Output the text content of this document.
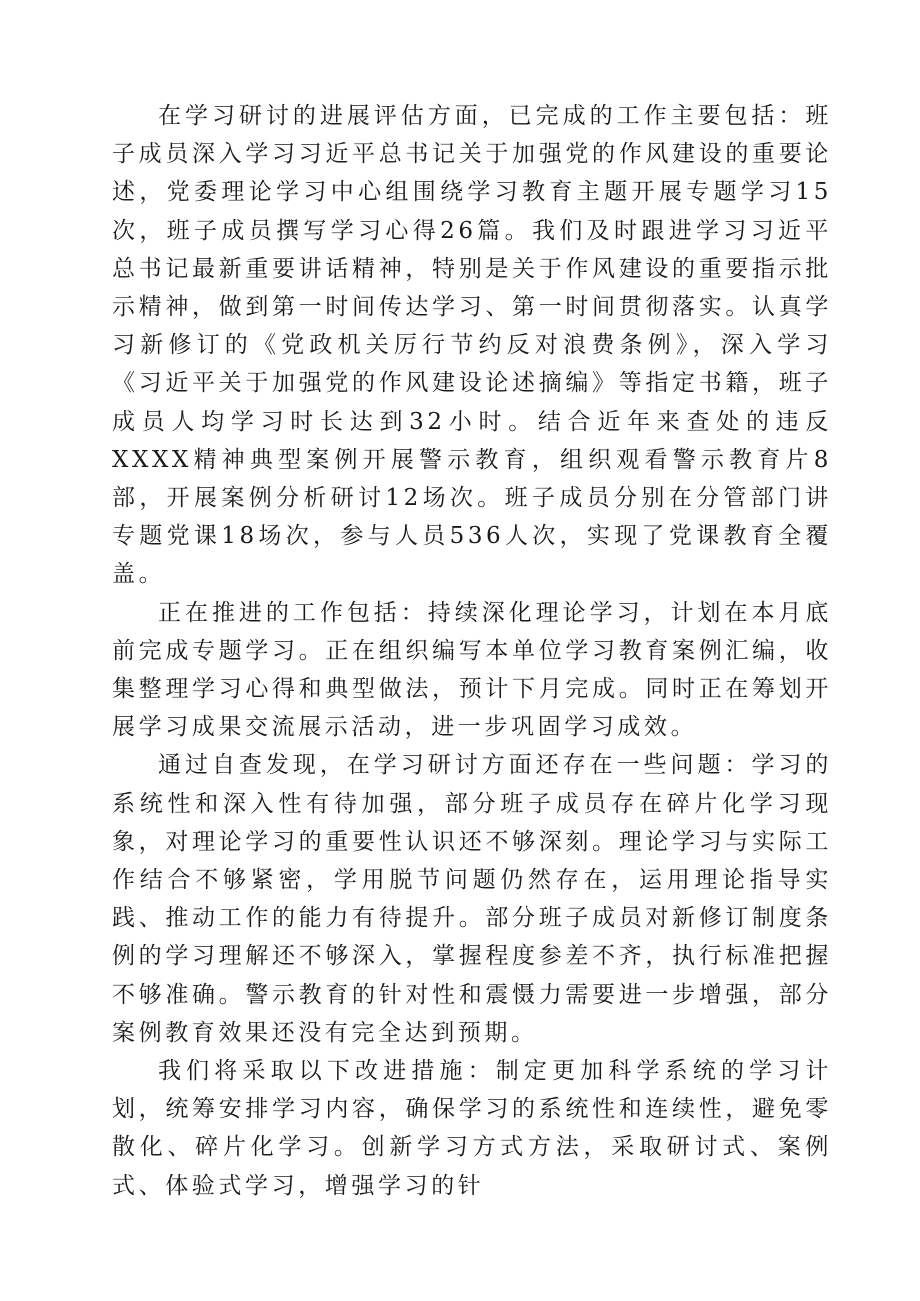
在学习研讨的进展评估方面，已完成的工作主要包括：班子成员深入学习习近平总书记关于加强党的作风建设的重要论述，党委理论学习中心组围绕学习教育主题开展专题学习15次，班子成员撰写学习心得26篇。我们及时跟进学习习近平总书记最新重要讲话精神，特别是关于作风建设的重要指示批示精神，做到第一时间传达学习、第一时间贯彻落实。认真学习新修订的《党政机关厉行节约反对浪费条例》，深入学习《习近平关于加强党的作风建设论述摘编》等指定书籍，班子成员人均学习时长达到32小时。结合近年来查处的违反XXXX精神典型案例开展警示教育，组织观看警示教育片8部，开展案例分析研讨12场次。班子成员分别在分管部门讲专题党课18场次，参与人员536人次，实现了党课教育全覆盖。

正在推进的工作包括：持续深化理论学习，计划在本月底前完成专题学习。正在组织编写本单位学习教育案例汇编，收集整理学习心得和典型做法，预计下月完成。同时正在筹划开展学习成果交流展示活动，进一步巩固学习成效。

通过自查发现，在学习研讨方面还存在一些问题：学习的系统性和深入性有待加强，部分班子成员存在碎片化学习现象，对理论学习的重要性认识还不够深刻。理论学习与实际工作结合不够紧密，学用脱节问题仍然存在，运用理论指导实践、推动工作的能力有待提升。部分班子成员对新修订制度条例的学习理解还不够深入，掌握程度参差不齐，执行标准把握不够准确。警示教育的针对性和震慑力需要进一步增强，部分案例教育效果还没有完全达到预期。

我们将采取以下改进措施：制定更加科学系统的学习计划，统筹安排学习内容，确保学习的系统性和连续性，避免零散化、碎片化学习。创新学习方式方法，采取研讨式、案例式、体验式学习，增强学习的针
